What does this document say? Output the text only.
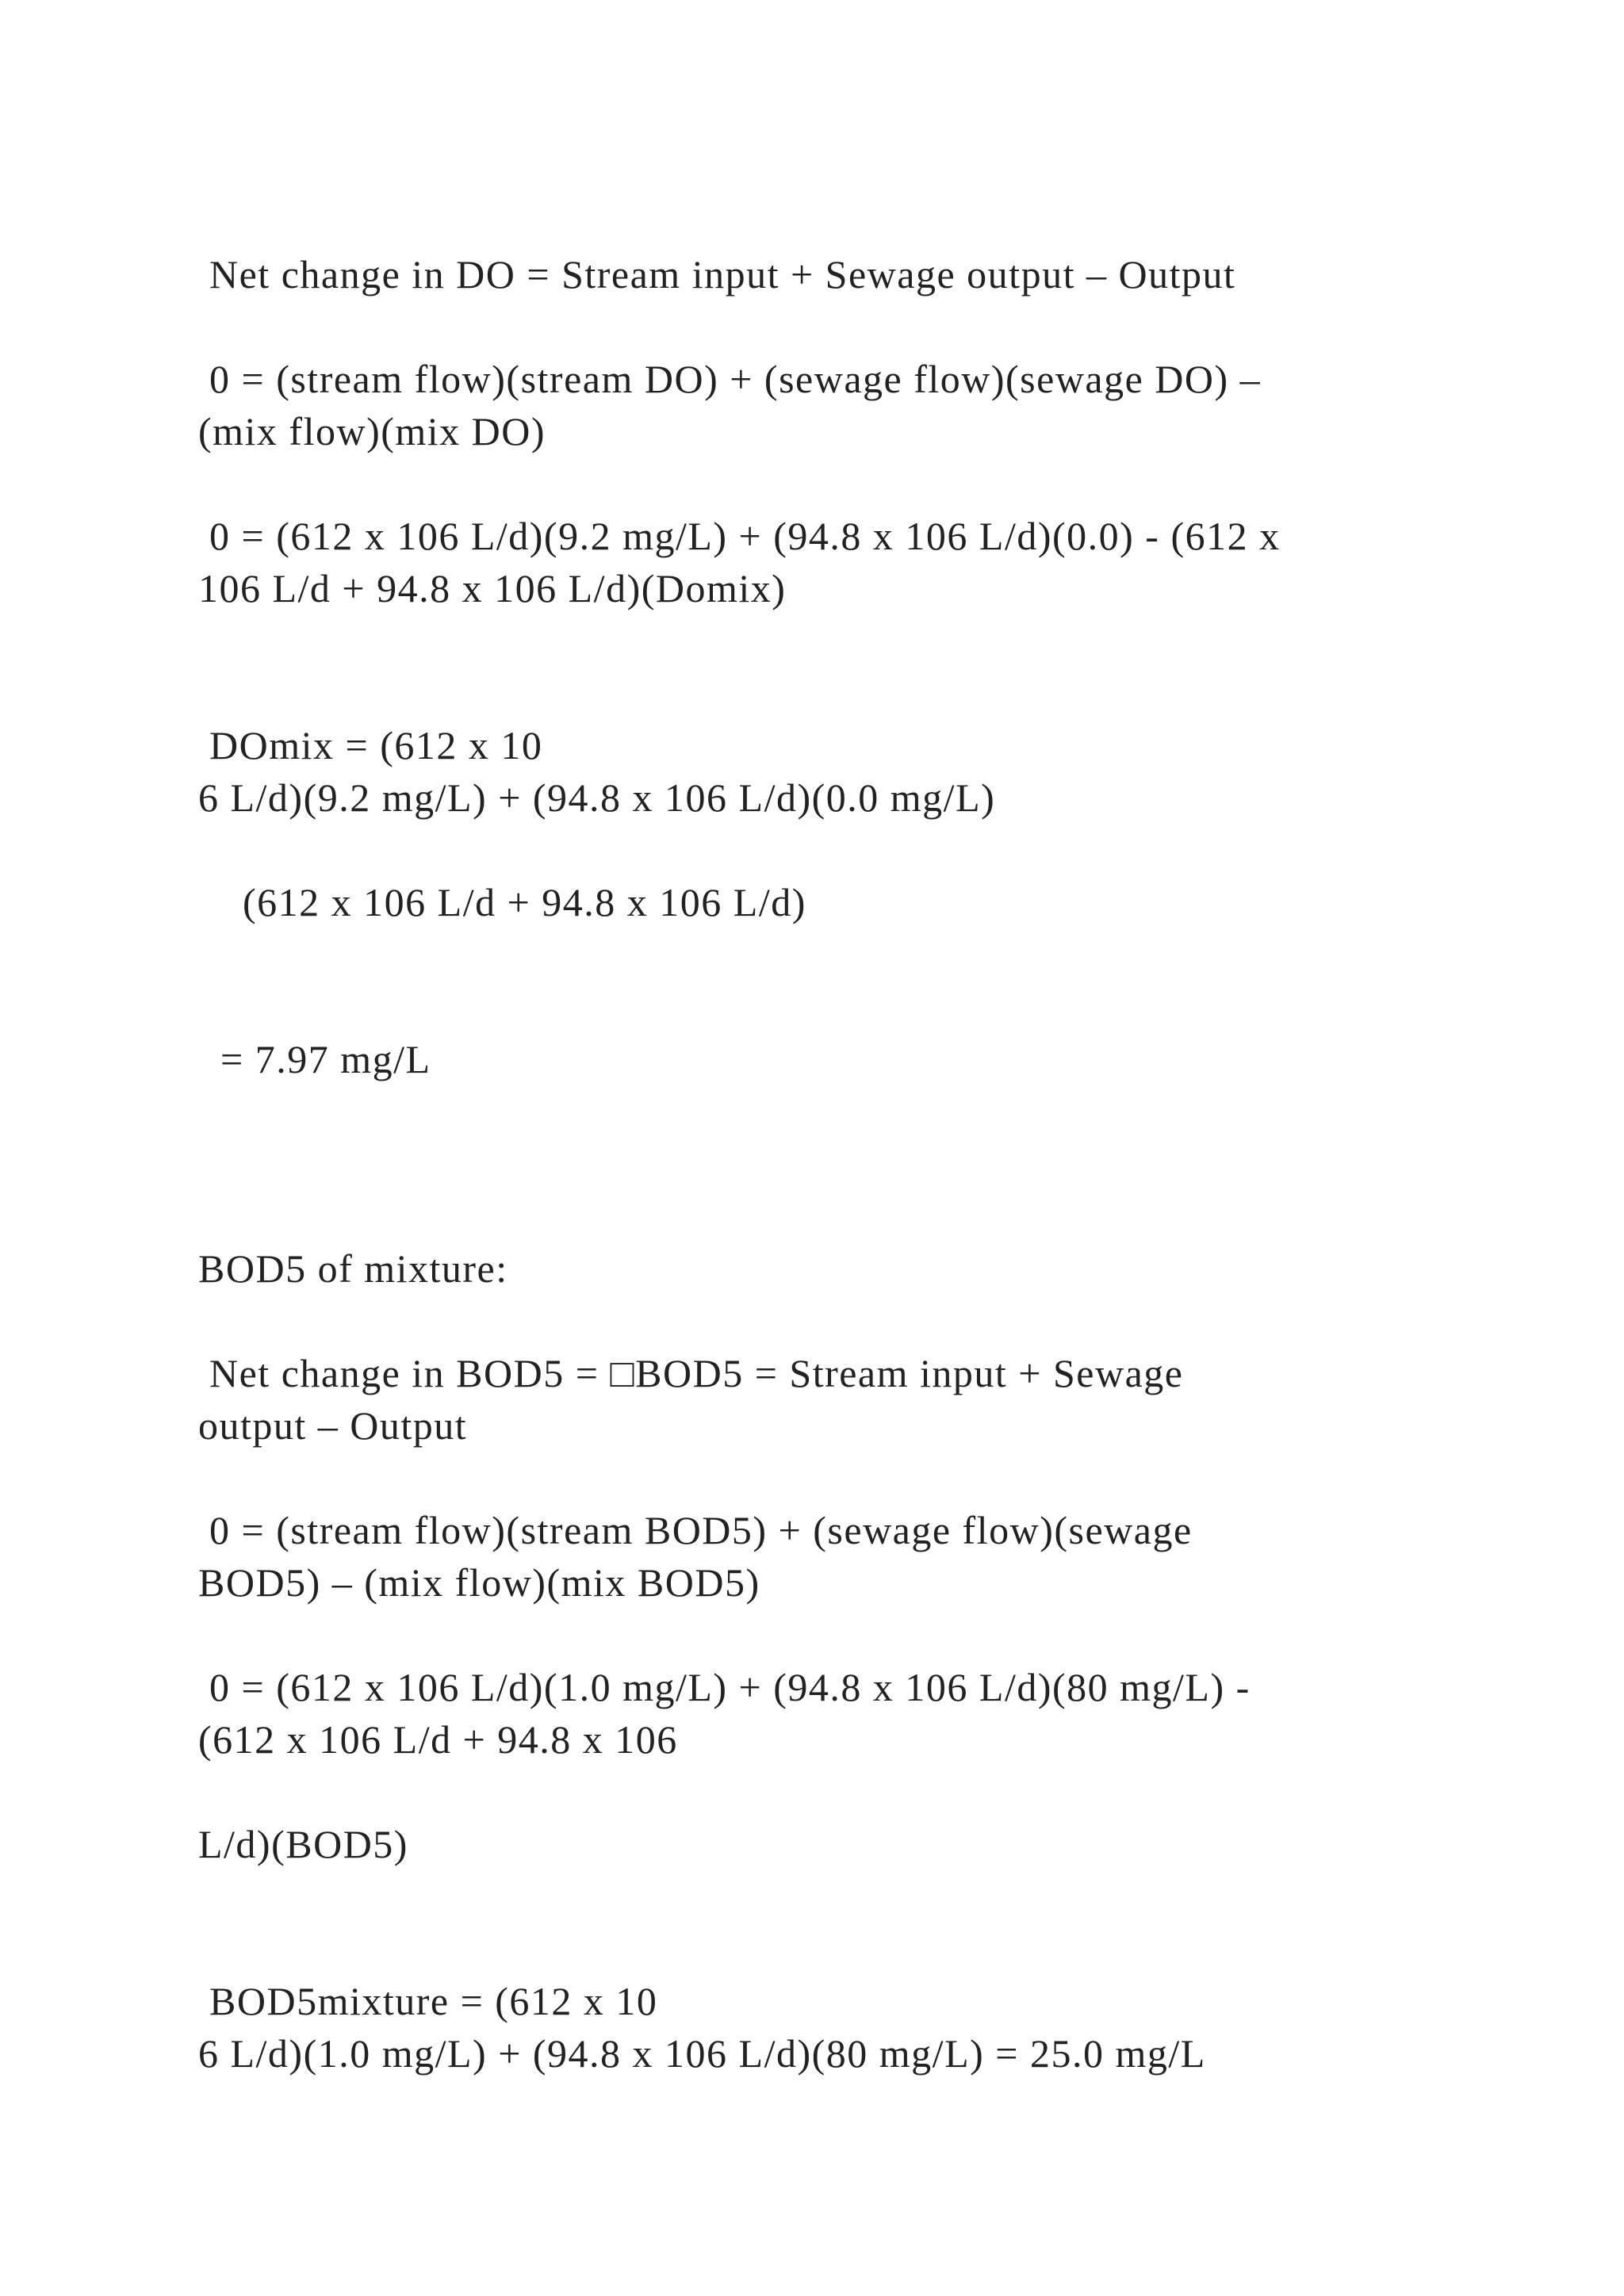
Net change in DO = Stream input + Sewage output – Output
0 = (stream flow)(stream DO) + (sewage flow)(sewage DO) –
(mix flow)(mix DO)
0 = (612 x 106 L/d)(9.2 mg/L) + (94.8 x 106 L/d)(0.0) - (612 x
106 L/d + 94.8 x 106 L/d)(Domix)
DOmix = (612 x 10
6 L/d)(9.2 mg/L) + (94.8 x 106 L/d)(0.0 mg/L)
(612 x 106 L/d + 94.8 x 106 L/d)
= 7.97 mg/L
BOD5 of mixture:
Net change in BOD5 = □BOD5 = Stream input + Sewage
output – Output
0 = (stream flow)(stream BOD5) + (sewage flow)(sewage
BOD5) – (mix flow)(mix BOD5)
0 = (612 x 106 L/d)(1.0 mg/L) + (94.8 x 106 L/d)(80 mg/L) -
(612 x 106 L/d + 94.8 x 106
L/d)(BOD5)
BOD5mixture = (612 x 10
6 L/d)(1.0 mg/L) + (94.8 x 106 L/d)(80 mg/L) = 25.0 mg/L
